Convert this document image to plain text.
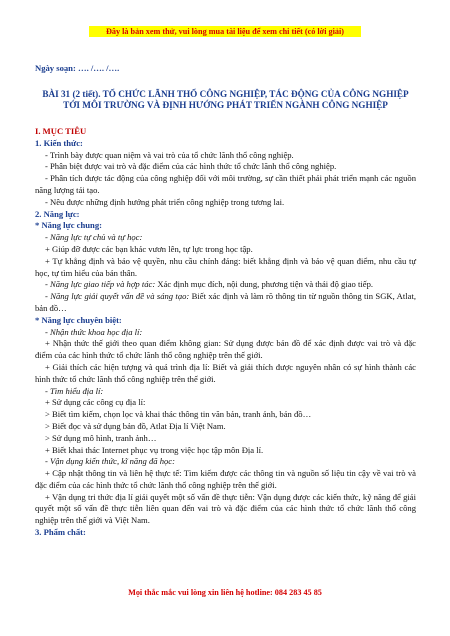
Đây là bản xem thử, vui lòng mua tài liệu để xem chi tiết (có lời giải)
Ngày soạn: …. /…. /….
BÀI 31 (2 tiết). TỔ CHỨC LÃNH THỔ CÔNG NGHIỆP, TÁC ĐỘNG CỦA CÔNG NGHIỆP TỚI MÔI TRƯỜNG VÀ ĐỊNH HƯỚNG PHÁT TRIỂN NGÀNH CÔNG NGHIỆP
I. MỤC TIÊU
1. Kiến thức:

- Trình bày được quan niệm và vai trò của tổ chức lãnh thổ công nghiệp.

- Phân biệt được vai trò và đặc điểm của các hình thức tổ chức lãnh thổ công nghiệp.

- Phân tích được tác động của công nghiệp đối với môi trường, sự cần thiết phải phát triển mạnh các nguồn năng lượng tái tạo.

- Nêu được những định hướng phát triển công nghiệp trong tương lai.

2. Năng lực:
* Năng lực chung:

- Năng lực tự chủ và tự học:

+ Giúp đỡ được các bạn khác vươn lên, tự lực trong học tập.

+ Tự khẳng định và bảo vệ quyền, nhu cầu chính đáng: biết khẳng định và bảo vệ quan điểm, nhu cầu tự học, tự tìm hiểu của bản thân.

- Năng lực giao tiếp và hợp tác: Xác định mục đích, nội dung, phương tiện và thái độ giao tiếp.

- Năng lực giải quyết vấn đề và sáng tạo: Biết xác định và làm rõ thông tin từ nguồn thông tin SGK, Atlat, bản đồ…

* Năng lực chuyên biệt:

- Nhận thức khoa học địa lí:

+ Nhận thức thế giới theo quan điểm không gian: Sử dụng được bản đồ để xác định được vai trò và đặc điểm của các hình thức tổ chức lãnh thổ công nghiệp trên thế giới.

+ Giải thích các hiện tượng và quá trình địa lí: Biết và giải thích được nguyên nhân có sự hình thành các hình thức tổ chức lãnh thổ công nghiệp trên thế giới.

- Tìm hiểu địa lí:

+ Sử dụng các công cụ địa lí:

> Biết tìm kiếm, chọn lọc và khai thác thông tin văn bản, tranh ảnh, bản đồ…

> Biết đọc và sử dụng bản đồ, Atlat Địa lí Việt Nam.

> Sử dụng mô hình, tranh ảnh…

+ Biết khai thác Internet phục vụ trong việc học tập môn Địa lí.

- Vận dụng kiến thức, kĩ năng đã học:

+ Cập nhật thông tin và liên hệ thực tế: Tìm kiếm được các thông tin và nguồn số liệu tin cậy về vai trò và đặc điểm của các hình thức tổ chức lãnh thổ công nghiệp trên thế giới.

+ Vận dụng tri thức địa lí giải quyết một số vấn đề thực tiễn: Vận dụng được các kiến thức, kỹ năng để giải quyết một số vấn đề thực tiễn liên quan đến vai trò và đặc điểm của các hình thức tổ chức lãnh thổ công nghiệp trên thế giới và Việt Nam.

3. Phẩm chất:
Mọi thắc mắc vui lòng xin liên hệ hotline: 084 283 45 85
